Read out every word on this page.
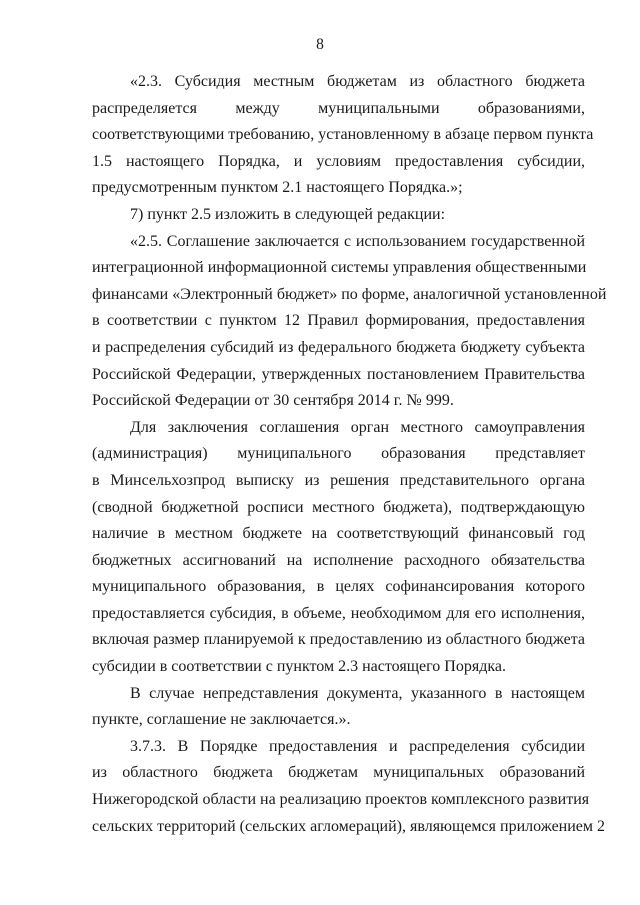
8
«2.3. Субсидия местным бюджетам из областного бюджета
распределяется между муниципальными образованиями,
соответствующими требованию, установленному в абзаце первом пункта
1.5 настоящего Порядка, и условиям предоставления субсидии,
предусмотренным пунктом 2.1 настоящего Порядка.»;
7) пункт 2.5 изложить в следующей редакции:
«2.5. Соглашение заключается с использованием государственной
интеграционной информационной системы управления общественными
финансами «Электронный бюджет» по форме, аналогичной установленной
в соответствии с пунктом 12 Правил формирования, предоставления
и распределения субсидий из федерального бюджета бюджету субъекта
Российской Федерации, утвержденных постановлением Правительства
Российской Федерации от 30 сентября 2014 г. № 999.
Для заключения соглашения орган местного самоуправления
(администрация) муниципального образования представляет
в Минсельхозпрод выписку из решения представительного органа
(сводной бюджетной росписи местного бюджета), подтверждающую
наличие в местном бюджете на соответствующий финансовый год
бюджетных ассигнований на исполнение расходного обязательства
муниципального образования, в целях софинансирования которого
предоставляется субсидия, в объеме, необходимом для его исполнения,
включая размер планируемой к предоставлению из областного бюджета
субсидии в соответствии с пунктом 2.3 настоящего Порядка.
В случае непредставления документа, указанного в настоящем
пункте, соглашение не заключается.».
3.7.3. В Порядке предоставления и распределения субсидии
из областного бюджета бюджетам муниципальных образований
Нижегородской области на реализацию проектов комплексного развития
сельских территорий (сельских агломераций), являющемся приложением 2
